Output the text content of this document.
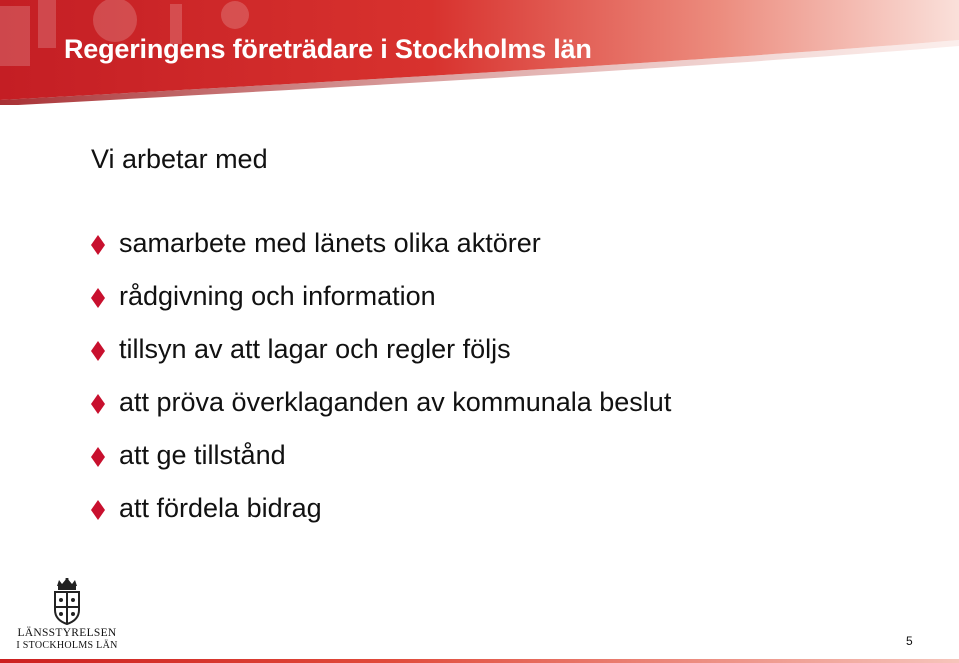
Regeringens företrädare i Stockholms län
Vi arbetar med
samarbete med länets olika aktörer
rådgivning och information
tillsyn av att lagar och regler följs
att pröva överklaganden av kommunala beslut
att ge tillstånd
att fördela bidrag
LÄNSSTYRELSEN
I STOCKHOLMS LÄN	5
